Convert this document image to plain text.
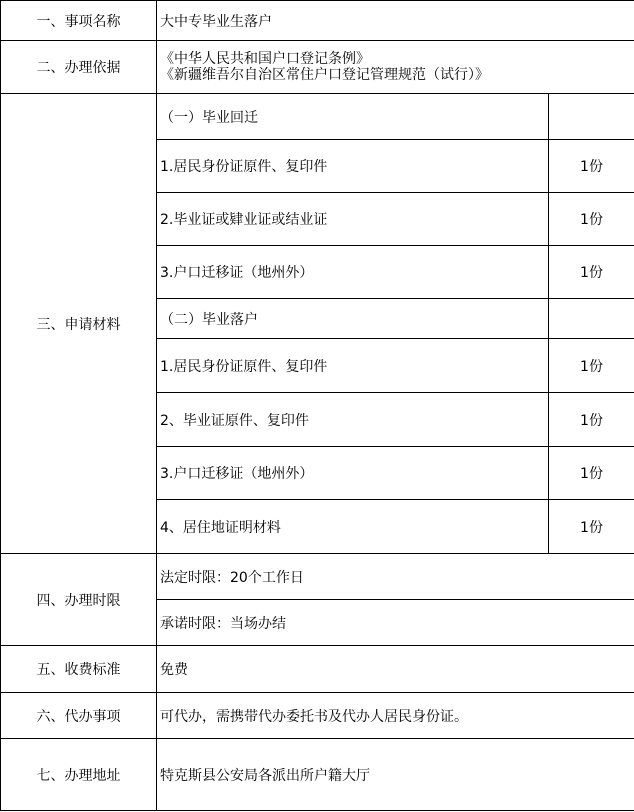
一、事项名称	大中专毕业生落户	
二、办理依据	《中华人民共和国户口登记条例》
《新疆维吾尔自治区常住户口登记管理规范（试行）》	

三、申请材料	（一）毕业回迁	
	1.居民身份证原件、复印件	1份
	2.毕业证或肄业证或结业证	1份
	3.户口迁移证（地州外）	1份
	（二）毕业落户	
	1.居民身份证原件、复印件	1份
	2、毕业证原件、复印件	1份
	3.户口迁移证（地州外）	1份
	4、居住地证明材料	1份
四、办理时限	法定时限：20个工作日	
	承诺时限：当场办结	
五、收费标准	免费	
六、代办事项	可代办，需携带代办委托书及代办人居民身份证。	
七、办理地址	特克斯县公安局各派出所户籍大厅	
